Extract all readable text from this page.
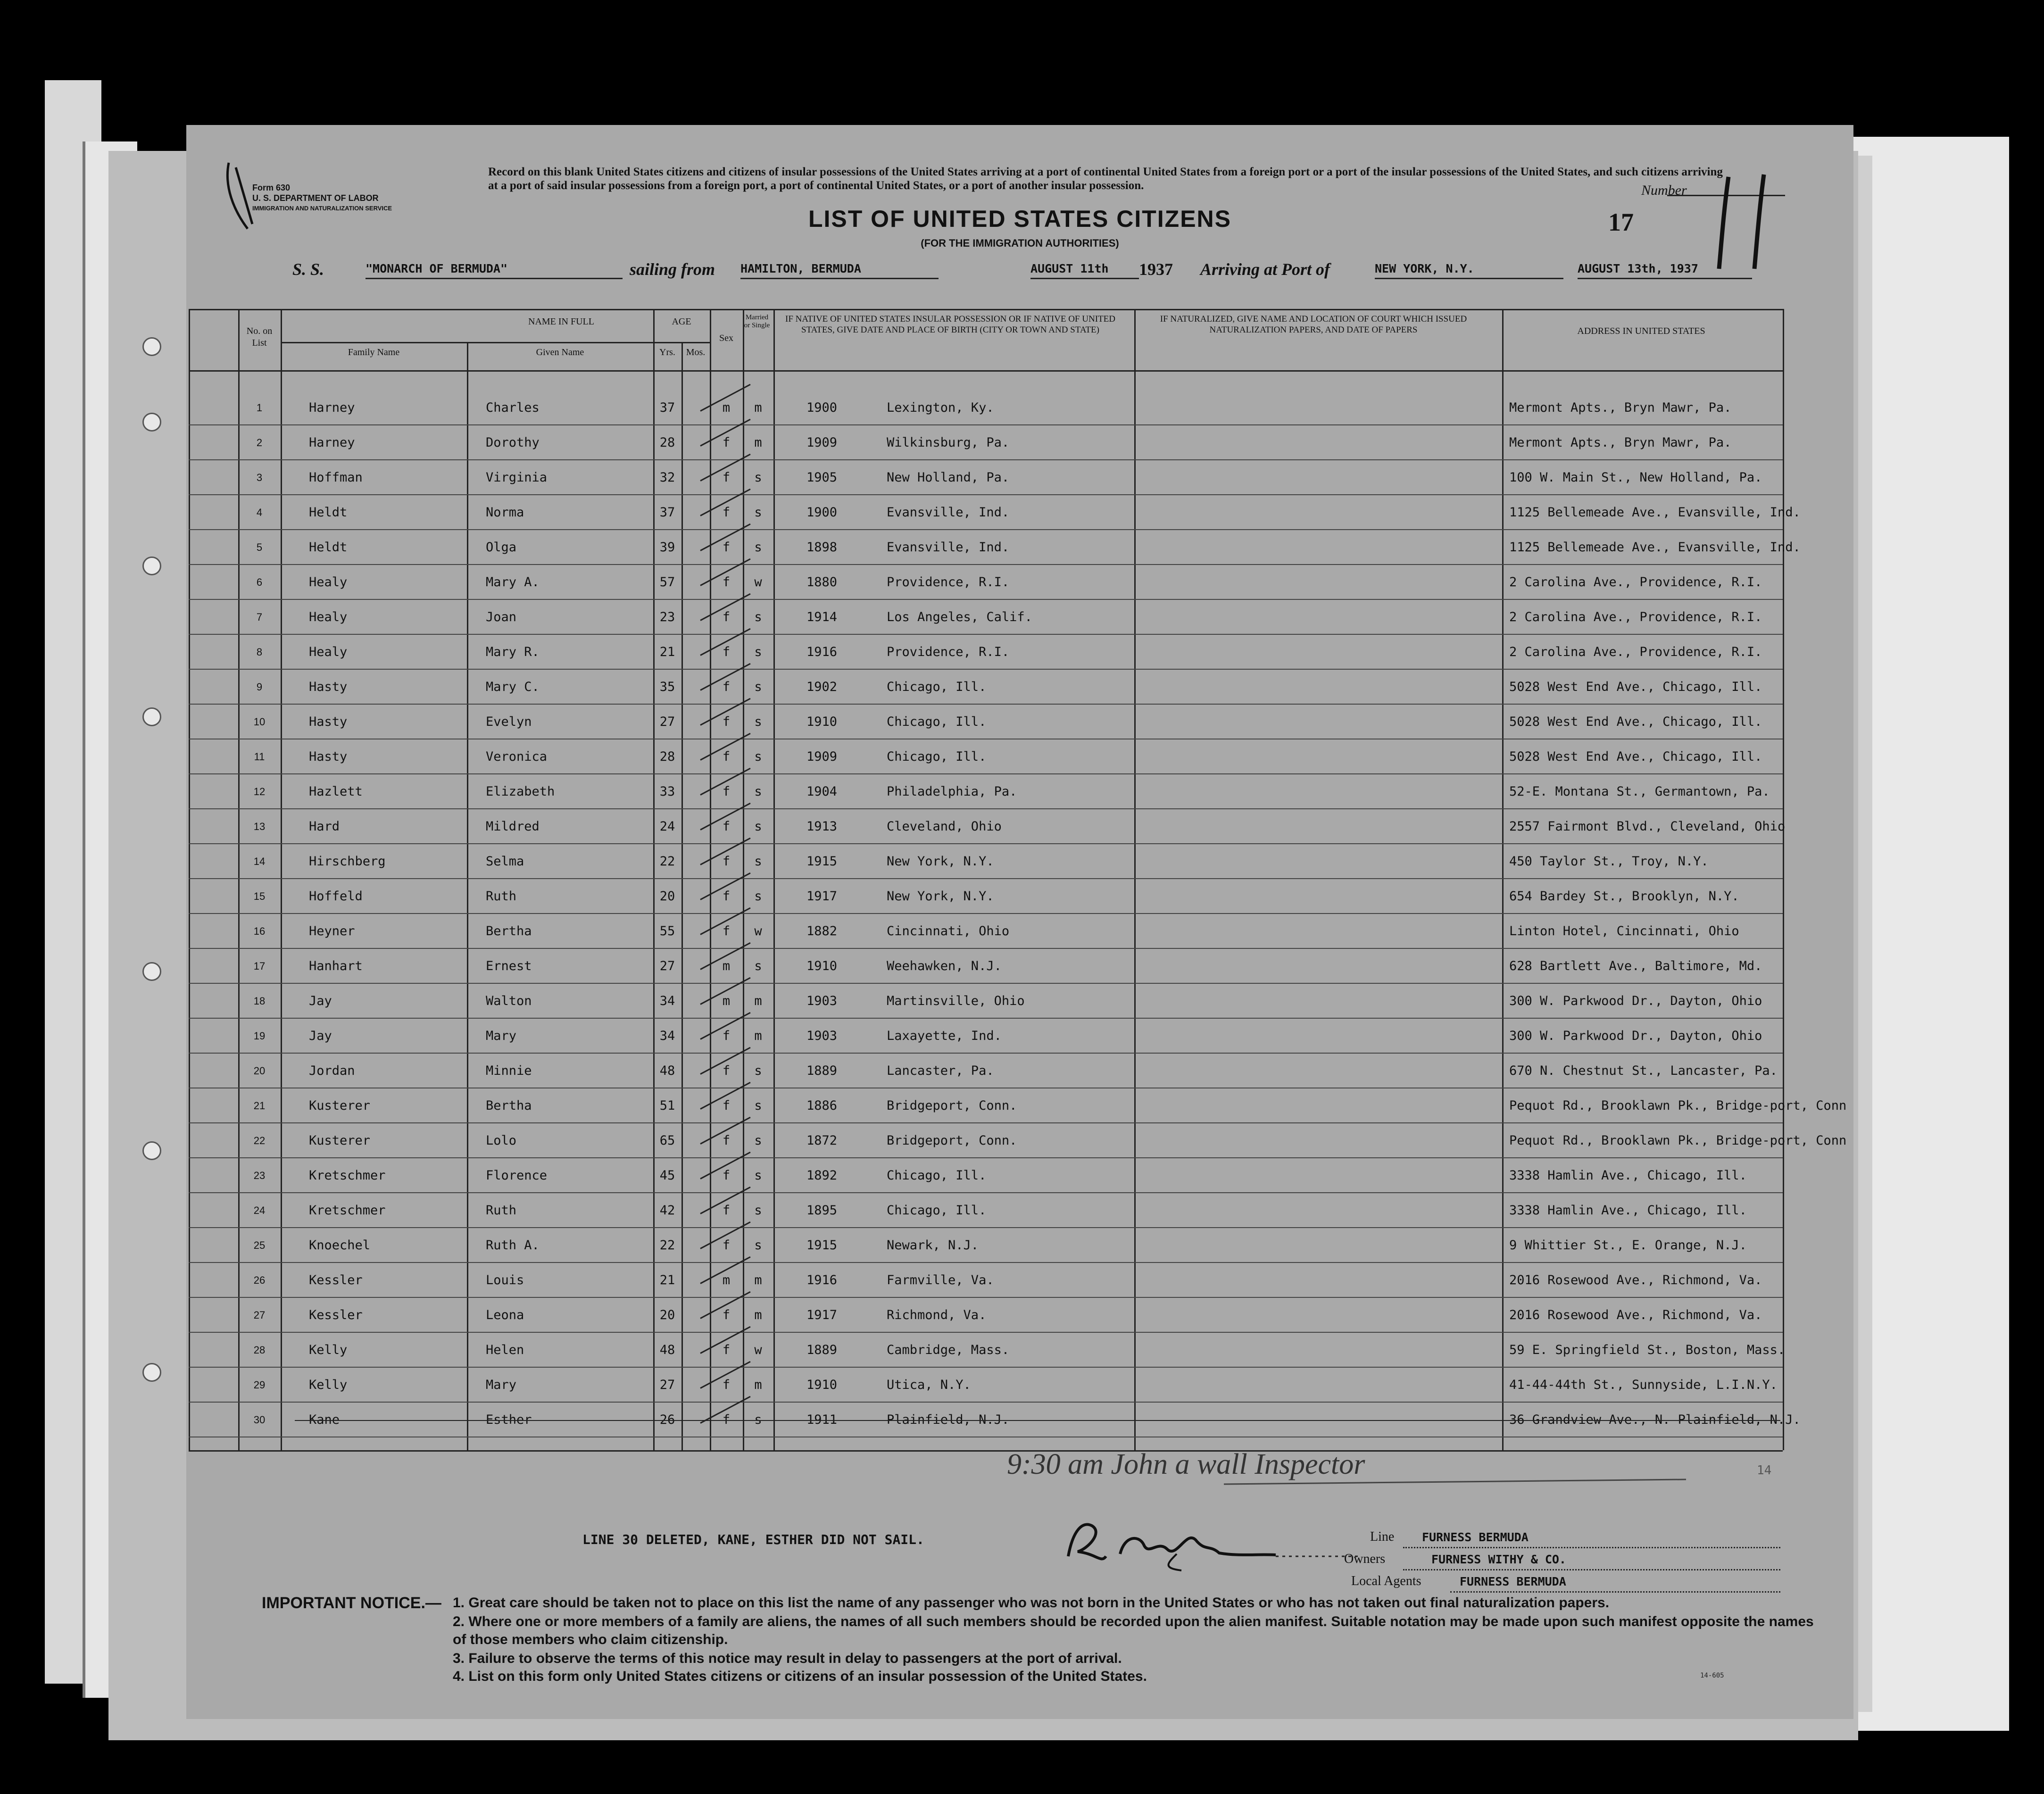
Form 630
U. S. DEPARTMENT OF LABOR
IMMIGRATION AND NATURALIZATION SERVICE
Record on this blank United States citizens and citizens of insular possessions of the United States arriving at a port of continental United States from a foreign port or a port of the insular possessions of the United States, and such citizens arriving at a port of said insular possessions from a foreign port, a port of continental United States, or a port of another insular possession.
LIST OF UNITED STATES CITIZENS
(FOR THE IMMIGRATION AUTHORITIES)
Number
17
S. S.	"MONARCH OF BERMUDA"	sailing from HAMILTON, BERMUDA	AUGUST 11th	1937 Arriving at Port of	NEW YORK, N.Y.	AUGUST 13th, 1937
No. on List
NAME IN FULL
Family Name	Given Name
AGE
Yrs.	Mos.
Sex
Married or Single
IF NATIVE OF UNITED STATES INSULAR POSSESSION OR IF NATIVE OF UNITED STATES, GIVE DATE AND PLACE OF BIRTH (CITY OR TOWN AND STATE)
IF NATURALIZED, GIVE NAME AND LOCATION OF COURT WHICH ISSUED NATURALIZATION PAPERS, AND DATE OF PAPERS	ADDRESS IN UNITED STATES
1	Harney	Charles	37	m	m	1900	Lexington, Ky.	Mermont Apts., Bryn Mawr, Pa.
2	Harney	Dorothy	28	f	m	1909	Wilkinsburg, Pa.	Mermont Apts., Bryn Mawr, Pa.
3	Hoffman	Virginia	32	f	s	1905	New Holland, Pa.	100 W. Main St., New Holland, Pa.
4	Heldt	Norma	37	f	s	1900	Evansville, Ind.	1125 Bellemeade Ave., Evansville, Ind.
5	Heldt	Olga	39	f	s	1898	Evansville, Ind.	1125 Bellemeade Ave., Evansville, Ind.
6	Healy	Mary A.	57	f	w	1880	Providence, R.I.	2 Carolina Ave., Providence, R.I.
7	Healy	Joan	23	f	s	1914	Los Angeles, Calif.	2 Carolina Ave., Providence, R.I.
8	Healy	Mary R.	21	f	s	1916	Providence, R.I.	2 Carolina Ave., Providence, R.I.
9	Hasty	Mary C.	35	f	s	1902	Chicago, Ill.	5028 West End Ave., Chicago, Ill.
10	Hasty	Evelyn	27	f	s	1910	Chicago, Ill.	5028 West End Ave., Chicago, Ill.
11	Hasty	Veronica	28	f	s	1909	Chicago, Ill.	5028 West End Ave., Chicago, Ill.
12	Hazlett	Elizabeth	33	f	s	1904	Philadelphia, Pa.	52-E. Montana St., Germantown, Pa.
13	Hard	Mildred	24	f	s	1913	Cleveland, Ohio	2557 Fairmont Blvd., Cleveland, Ohio
14	Hirschberg	Selma	22	f	s	1915	New York, N.Y.	450 Taylor St., Troy, N.Y.
15	Hoffeld	Ruth	20	f	s	1917	New York, N.Y.	654 Bardey St., Brooklyn, N.Y.
16	Heyner	Bertha	55	f	w	1882	Cincinnati, Ohio	Linton Hotel, Cincinnati, Ohio
17	Hanhart	Ernest	27	m	s	1910	Weehawken, N.J.	628 Bartlett Ave., Baltimore, Md.
18	Jay	Walton	34	m	m	1903	Martinsville, Ohio	300 W. Parkwood Dr., Dayton, Ohio
19	Jay	Mary	34	f	m	1903	Laxayette, Ind.	300 W. Parkwood Dr., Dayton, Ohio
20	Jordan	Minnie	48	f	s	1889	Lancaster, Pa.	670 N. Chestnut St., Lancaster, Pa.
21	Kusterer	Bertha	51	f	s	1886	Bridgeport, Conn.	Pequot Rd., Brooklawn Pk., Bridge-port, Conn
22	Kusterer	Lolo	65	f	s	1872	Bridgeport, Conn.	Pequot Rd., Brooklawn Pk., Bridge-port, Conn
23	Kretschmer	Florence	45	f	s	1892	Chicago, Ill.	3338 Hamlin Ave., Chicago, Ill.
24	Kretschmer	Ruth	42	f	s	1895	Chicago, Ill.	3338 Hamlin Ave., Chicago, Ill.
25	Knoechel	Ruth A.	22	f	s	1915	Newark, N.J.	9 Whittier St., E. Orange, N.J.
26	Kessler	Louis	21	m	m	1916	Farmville, Va.	2016 Rosewood Ave., Richmond, Va.
27	Kessler	Leona	20	f	m	1917	Richmond, Va.	2016 Rosewood Ave., Richmond, Va.
28	Kelly	Helen	48	f	w	1889	Cambridge, Mass.	59 E. Springfield St., Boston, Mass.
29	Kelly	Mary	27	f	m	1910	Utica, N.Y.	41-44-44th St., Sunnyside, L.I.N.Y.
30	Kane	Esther	26	f	s	1911	Plainfield, N.J.	36 Grandview Ave., N. Plainfield, N.J.
9:30 am John a wall Inspector	14
LINE 30 DELETED, KANE, ESTHER DID NOT SAIL.	Line FURNESS BERMUDA
Owners	FURNESS WITHY & CO.
Local Agents	FURNESS BERMUDA
IMPORTANT NOTICE.— 1. Great care should be taken not to place on this list the name of any passenger who was not born in the United States or who has not taken out final naturalization papers.
2. Where one or more members of a family are aliens, the names of all such members should be recorded upon the alien manifest. Suitable notation may be made upon such manifest opposite the names of those members who claim citizenship.
3. Failure to observe the terms of this notice may result in delay to passengers at the port of arrival.
4. List on this form only United States citizens or citizens of an insular possession of the United States.	14-605
